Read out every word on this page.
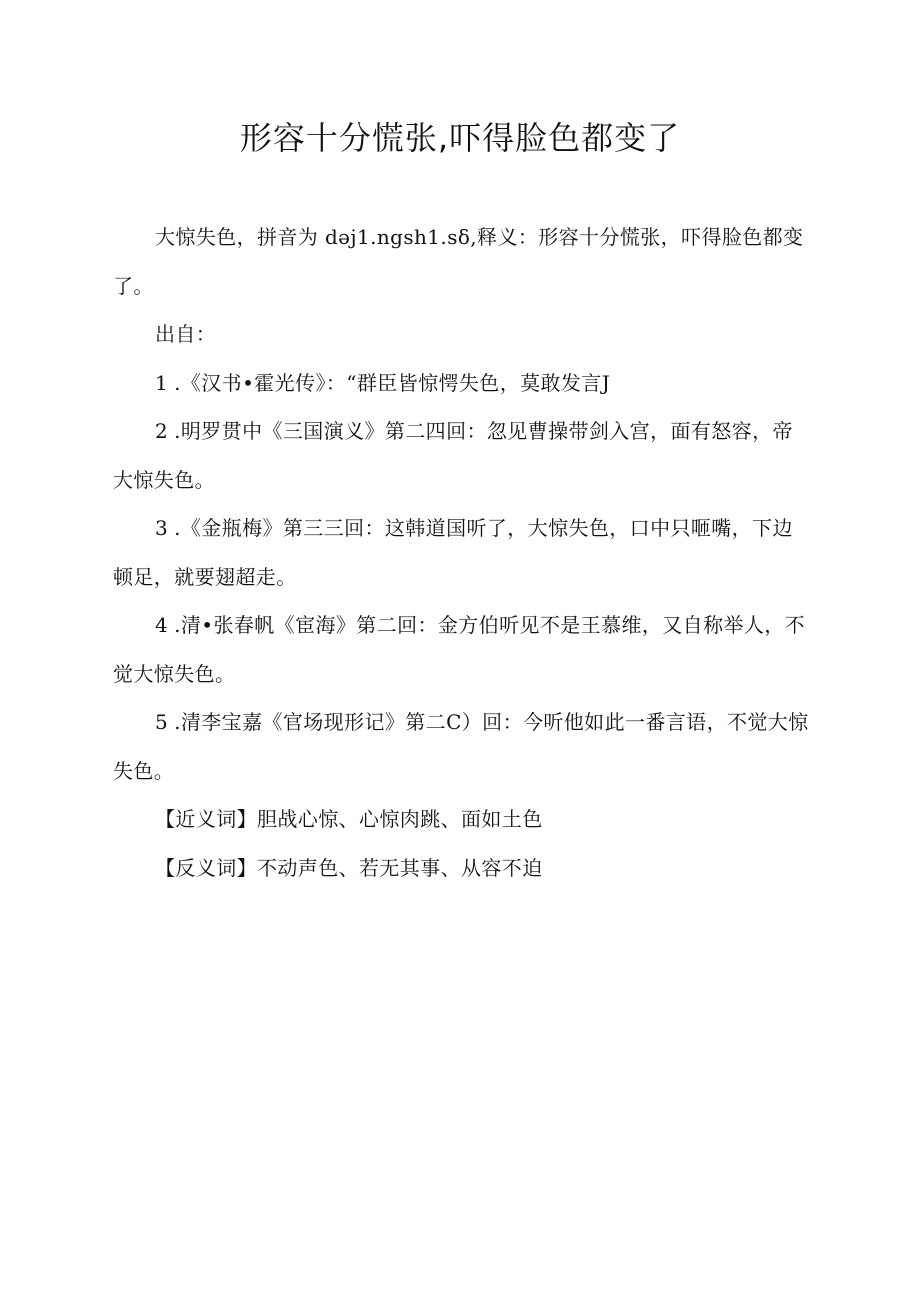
形容十分慌张,吓得脸色都变了

大惊失色，拼音为 dəj1.ngsh1.sδ,释义：形容十分慌张，吓得脸色都变了。

出自：

1 .《汉书•霍光传》：“群臣皆惊愕失色，莫敢发言J

2 .明罗贯中《三国演义》第二四回：忽见曹操带剑入宫，面有怒容，帝大惊失色。

3 .《金瓶梅》第三三回：这韩道国听了，大惊失色，口中只咂嘴，下边顿足，就要翅超走。

4 .清•张春帆《宦海》第二回：金方伯听见不是王慕维，又自称举人，不觉大惊失色。

5 .清李宝嘉《官场现形记》第二C）回：今听他如此一番言语，不觉大惊失色。

【近义词】胆战心惊、心惊肉跳、面如土色

【反义词】不动声色、若无其事、从容不迫
